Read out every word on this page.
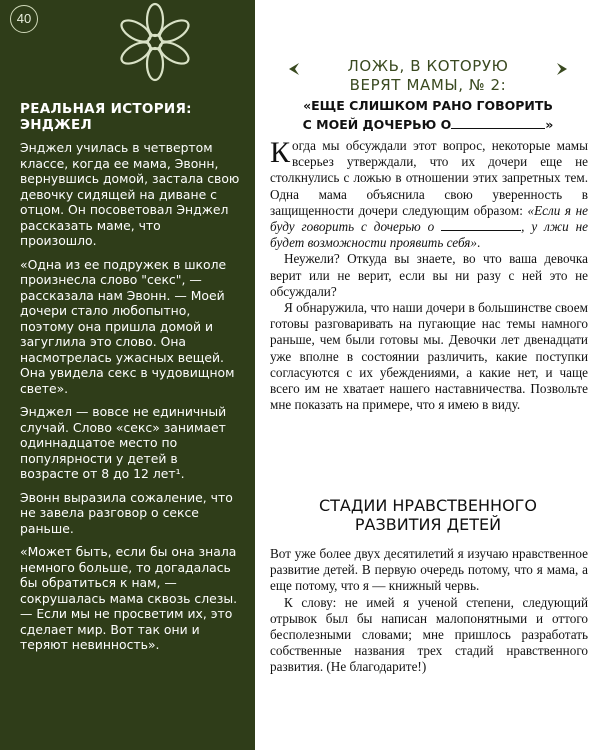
40
РЕАЛЬНАЯ ИСТОРИЯ:
ЭНДЖЕЛ

Энджел училась в четвертом классе, когда ее мама, Эвонн, вернувшись домой, застала свою девочку сидящей на диване с отцом. Он посоветовал Энджел рассказать маме, что произошло.

«Одна из ее подружек в школе произнесла слово "секс", — рассказала нам Эвонн. — Моей дочери стало любопытно, поэтому она пришла домой и загуглила это слово. Она насмотрелась ужасных вещей. Она увидела секс в чудовищном свете».

Энджел — вовсе не единичный случай. Слово «секс» занимает одиннадцатое место по популярности у детей в возрасте от 8 до 12 лет¹.

Эвонн выразила сожаление, что не завела разговор о сексе раньше.

«Может быть, если бы она знала немного больше, то догадалась бы обратиться к нам, — сокрушалась мама сквозь слезы. — Если мы не просветим их, это сделает мир. Вот так они и теряют невинность».

ЛОЖЬ, В КОТОРУЮ
ВЕРЯТ МАМЫ, № 2:
«ЕЩЕ СЛИШКОМ РАНО ГОВОРИТЬ
С МОЕЙ ДОЧЕРЬЮ О	»

Когда мы обсуждали этот вопрос, некоторые мамы всерьез утверждали, что их дочери еще не столкнулись с ложью в отношении этих запретных тем. Одна мама объяснила свою уверенность в защищенности дочери следующим образом: «Если я не буду говорить с дочерью о	, у лжи не будет возможности проявить себя».

Неужели? Откуда вы знаете, во что ваша девочка верит или не верит, если вы ни разу с ней это не обсуждали?

Я обнаружила, что наши дочери в большинстве своем готовы разговаривать на пугающие нас темы намного раньше, чем были готовы мы. Девочки лет двенадцати уже вполне в состоянии различить, какие поступки согласуются с их убеждениями, а какие нет, и чаще всего им не хватает нашего наставничества. Позвольте мне показать на примере, что я имею в виду.

СТАДИИ НРАВСТВЕННОГО
РАЗВИТИЯ ДЕТЕЙ

Вот уже более двух десятилетий я изучаю нравственное развитие детей. В первую очередь потому, что я мама, а еще потому, что я — книжный червь.

К слову: не имей я ученой степени, следующий отрывок был бы написан малопонятными и оттого бесполезными словами; мне пришлось разработать собственные названия трех стадий нравственного развития. (Не благодарите!)
